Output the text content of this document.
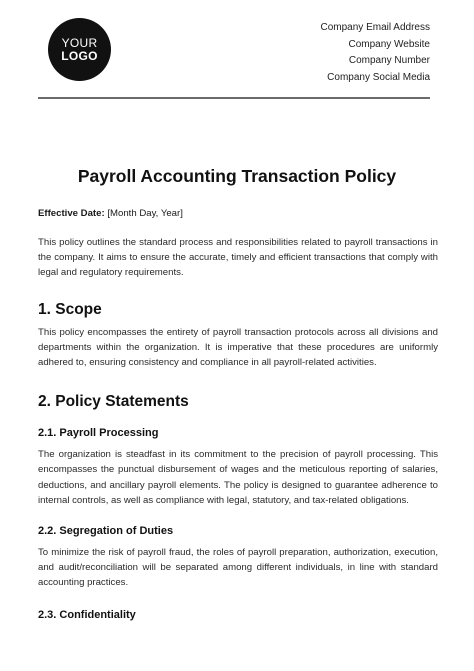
YOUR
LOGO
Company Email Address
Company Website
Company Number
Company Social Media
Payroll Accounting Transaction Policy
Effective Date: [Month Day, Year]

This policy outlines the standard process and responsibilities related to payroll transactions in the company. It aims to ensure the accurate, timely and efficient transactions that comply with legal and regulatory requirements.

1. Scope

This policy encompasses the entirety of payroll transaction protocols across all divisions and departments within the organization. It is imperative that these procedures are uniformly adhered to, ensuring consistency and compliance in all payroll-related activities.

2. Policy Statements
2.1. Payroll Processing

The organization is steadfast in its commitment to the precision of payroll processing. This encompasses the punctual disbursement of wages and the meticulous reporting of salaries, deductions, and ancillary payroll elements. The policy is designed to guarantee adherence to internal controls, as well as compliance with legal, statutory, and tax-related obligations.

2.2. Segregation of Duties

To minimize the risk of payroll fraud, the roles of payroll preparation, authorization, execution, and audit/reconciliation will be separated among different individuals, in line with standard accounting practices.

2.3. Confidentiality
